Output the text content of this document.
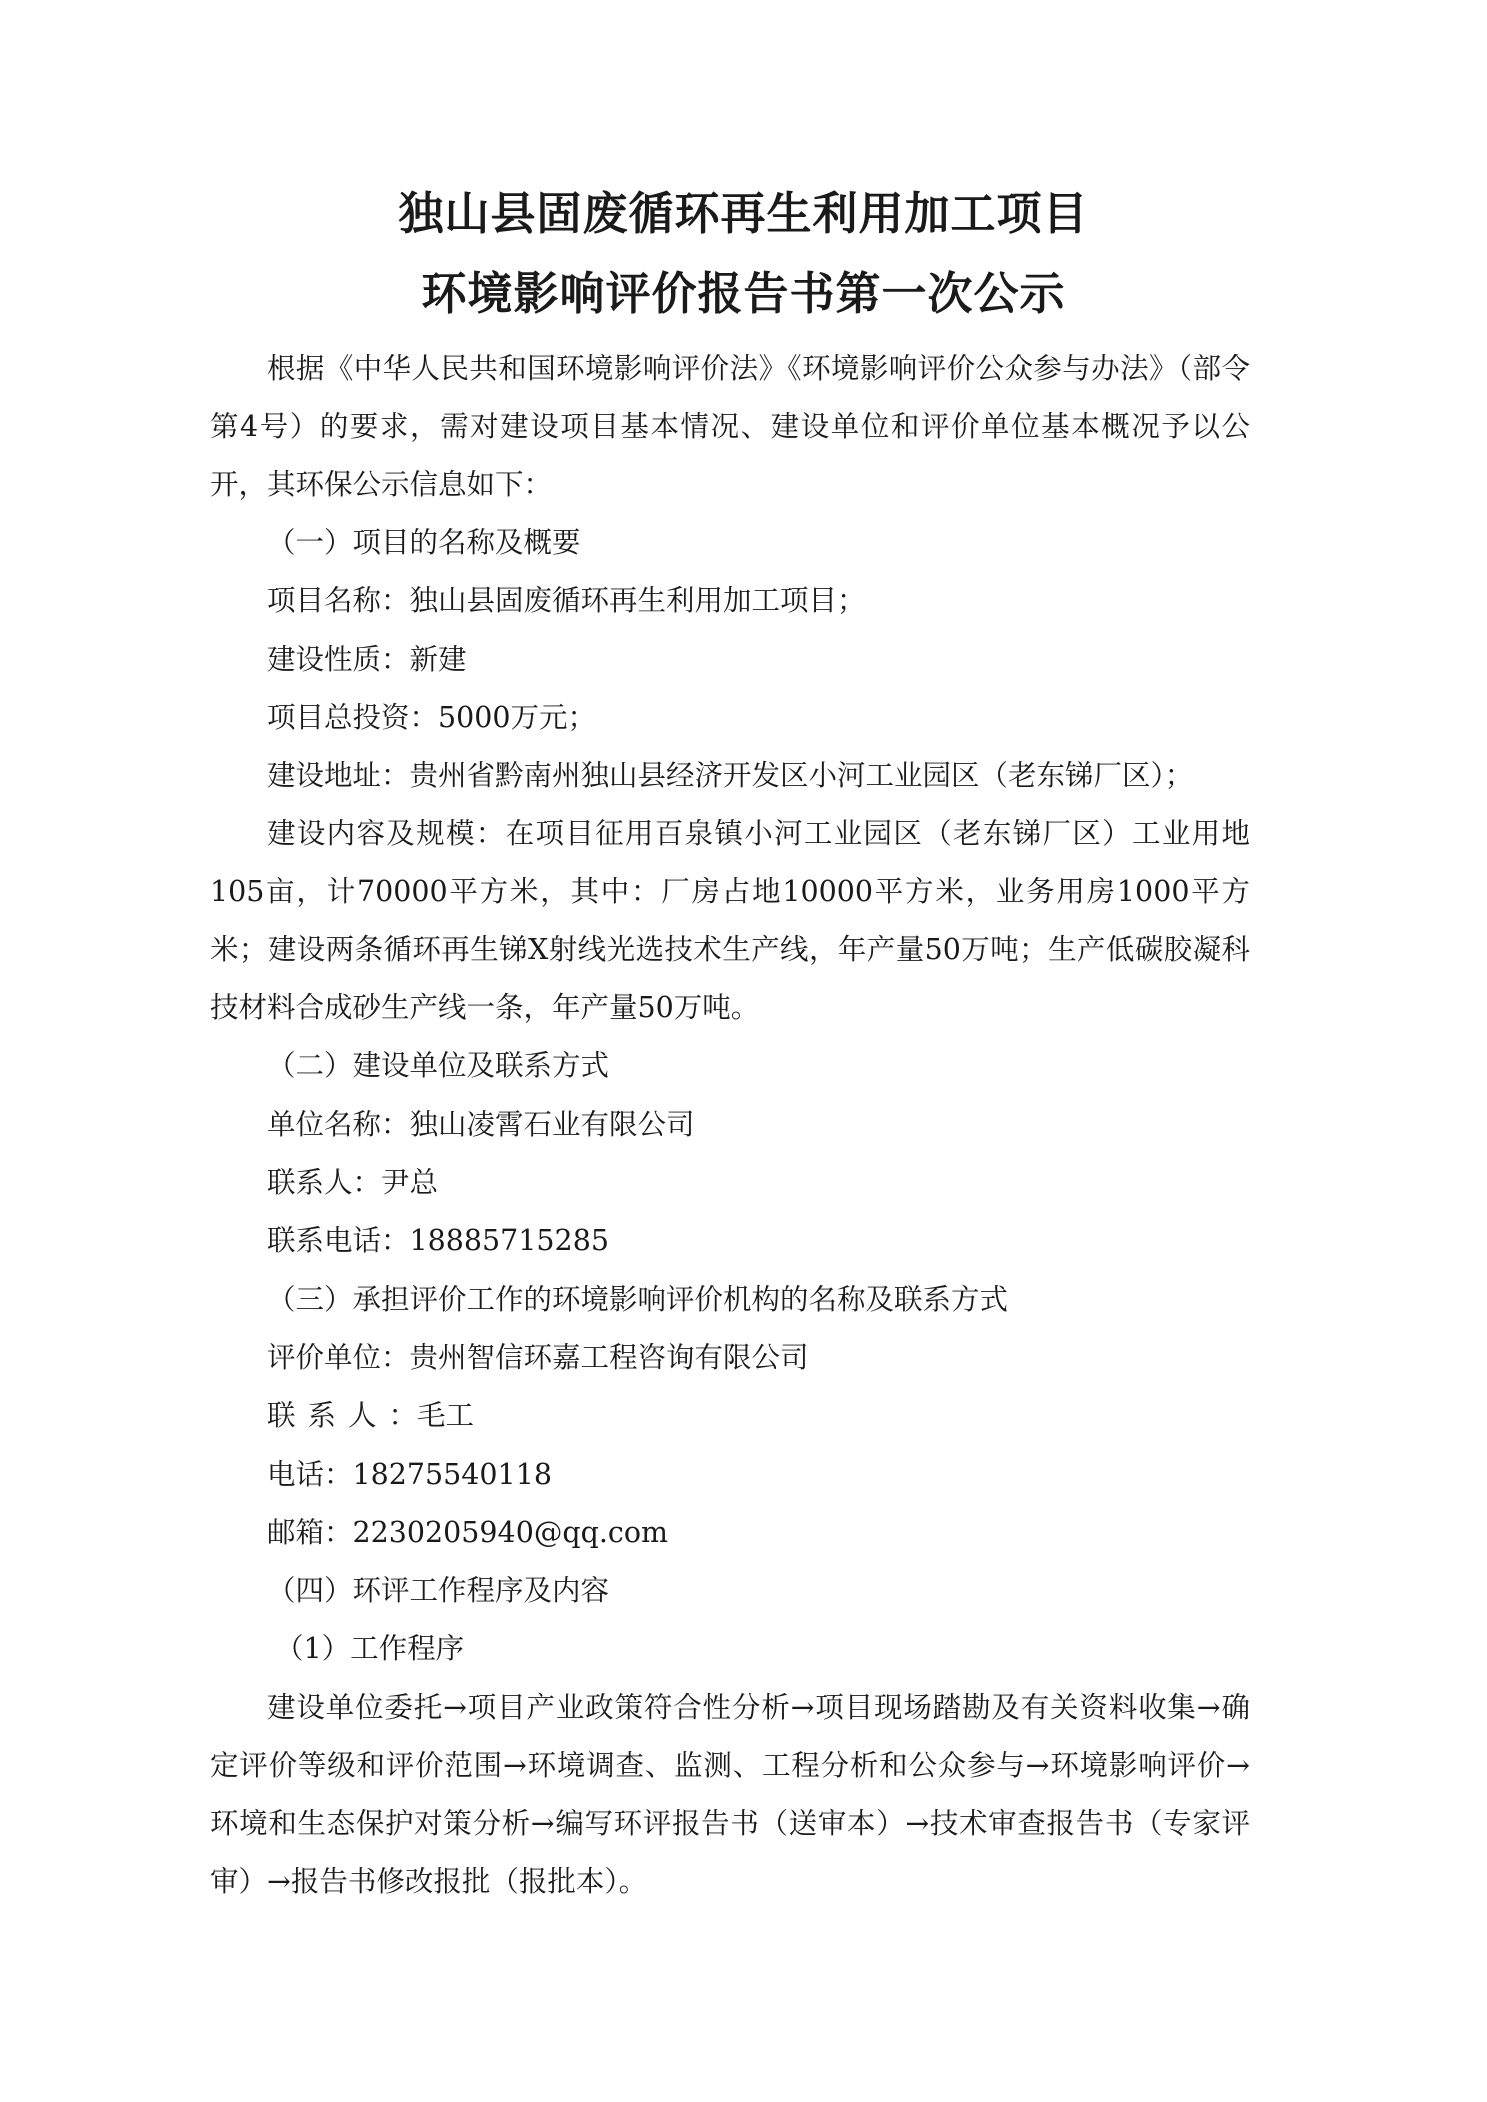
独山县固废循环再生利用加工项目
环境影响评价报告书第一次公示

根据《中华人民共和国环境影响评价法》《环境影响评价公众参与办法》（部令第4号）的要求，需对建设项目基本情况、建设单位和评价单位基本概况予以公开，其环保公示信息如下：

（一）项目的名称及概要

项目名称：独山县固废循环再生利用加工项目；

建设性质：新建

项目总投资：5000万元；

建设地址：贵州省黔南州独山县经济开发区小河工业园区（老东锑厂区）；

建设内容及规模：在项目征用百泉镇小河工业园区（老东锑厂区）工业用地105亩，计70000平方米，其中：厂房占地10000平方米，业务用房1000平方米；建设两条循环再生锑X射线光选技术生产线，年产量50万吨；生产低碳胶凝科技材料合成砂生产线一条，年产量50万吨。

（二）建设单位及联系方式

单位名称：独山凌霄石业有限公司

联系人：尹总

联系电话：18885715285

（三）承担评价工作的环境影响评价机构的名称及联系方式

评价单位：贵州智信环嘉工程咨询有限公司

联系人：毛工

电话：18275540118

邮箱：2230205940@qq.com

（四）环评工作程序及内容

（1）工作程序

建设单位委托→项目产业政策符合性分析→项目现场踏勘及有关资料收集→确定评价等级和评价范围→环境调查、监测、工程分析和公众参与→环境影响评价→环境和生态保护对策分析→编写环评报告书（送审本）→技术审查报告书（专家评审）→报告书修改报批（报批本）。
